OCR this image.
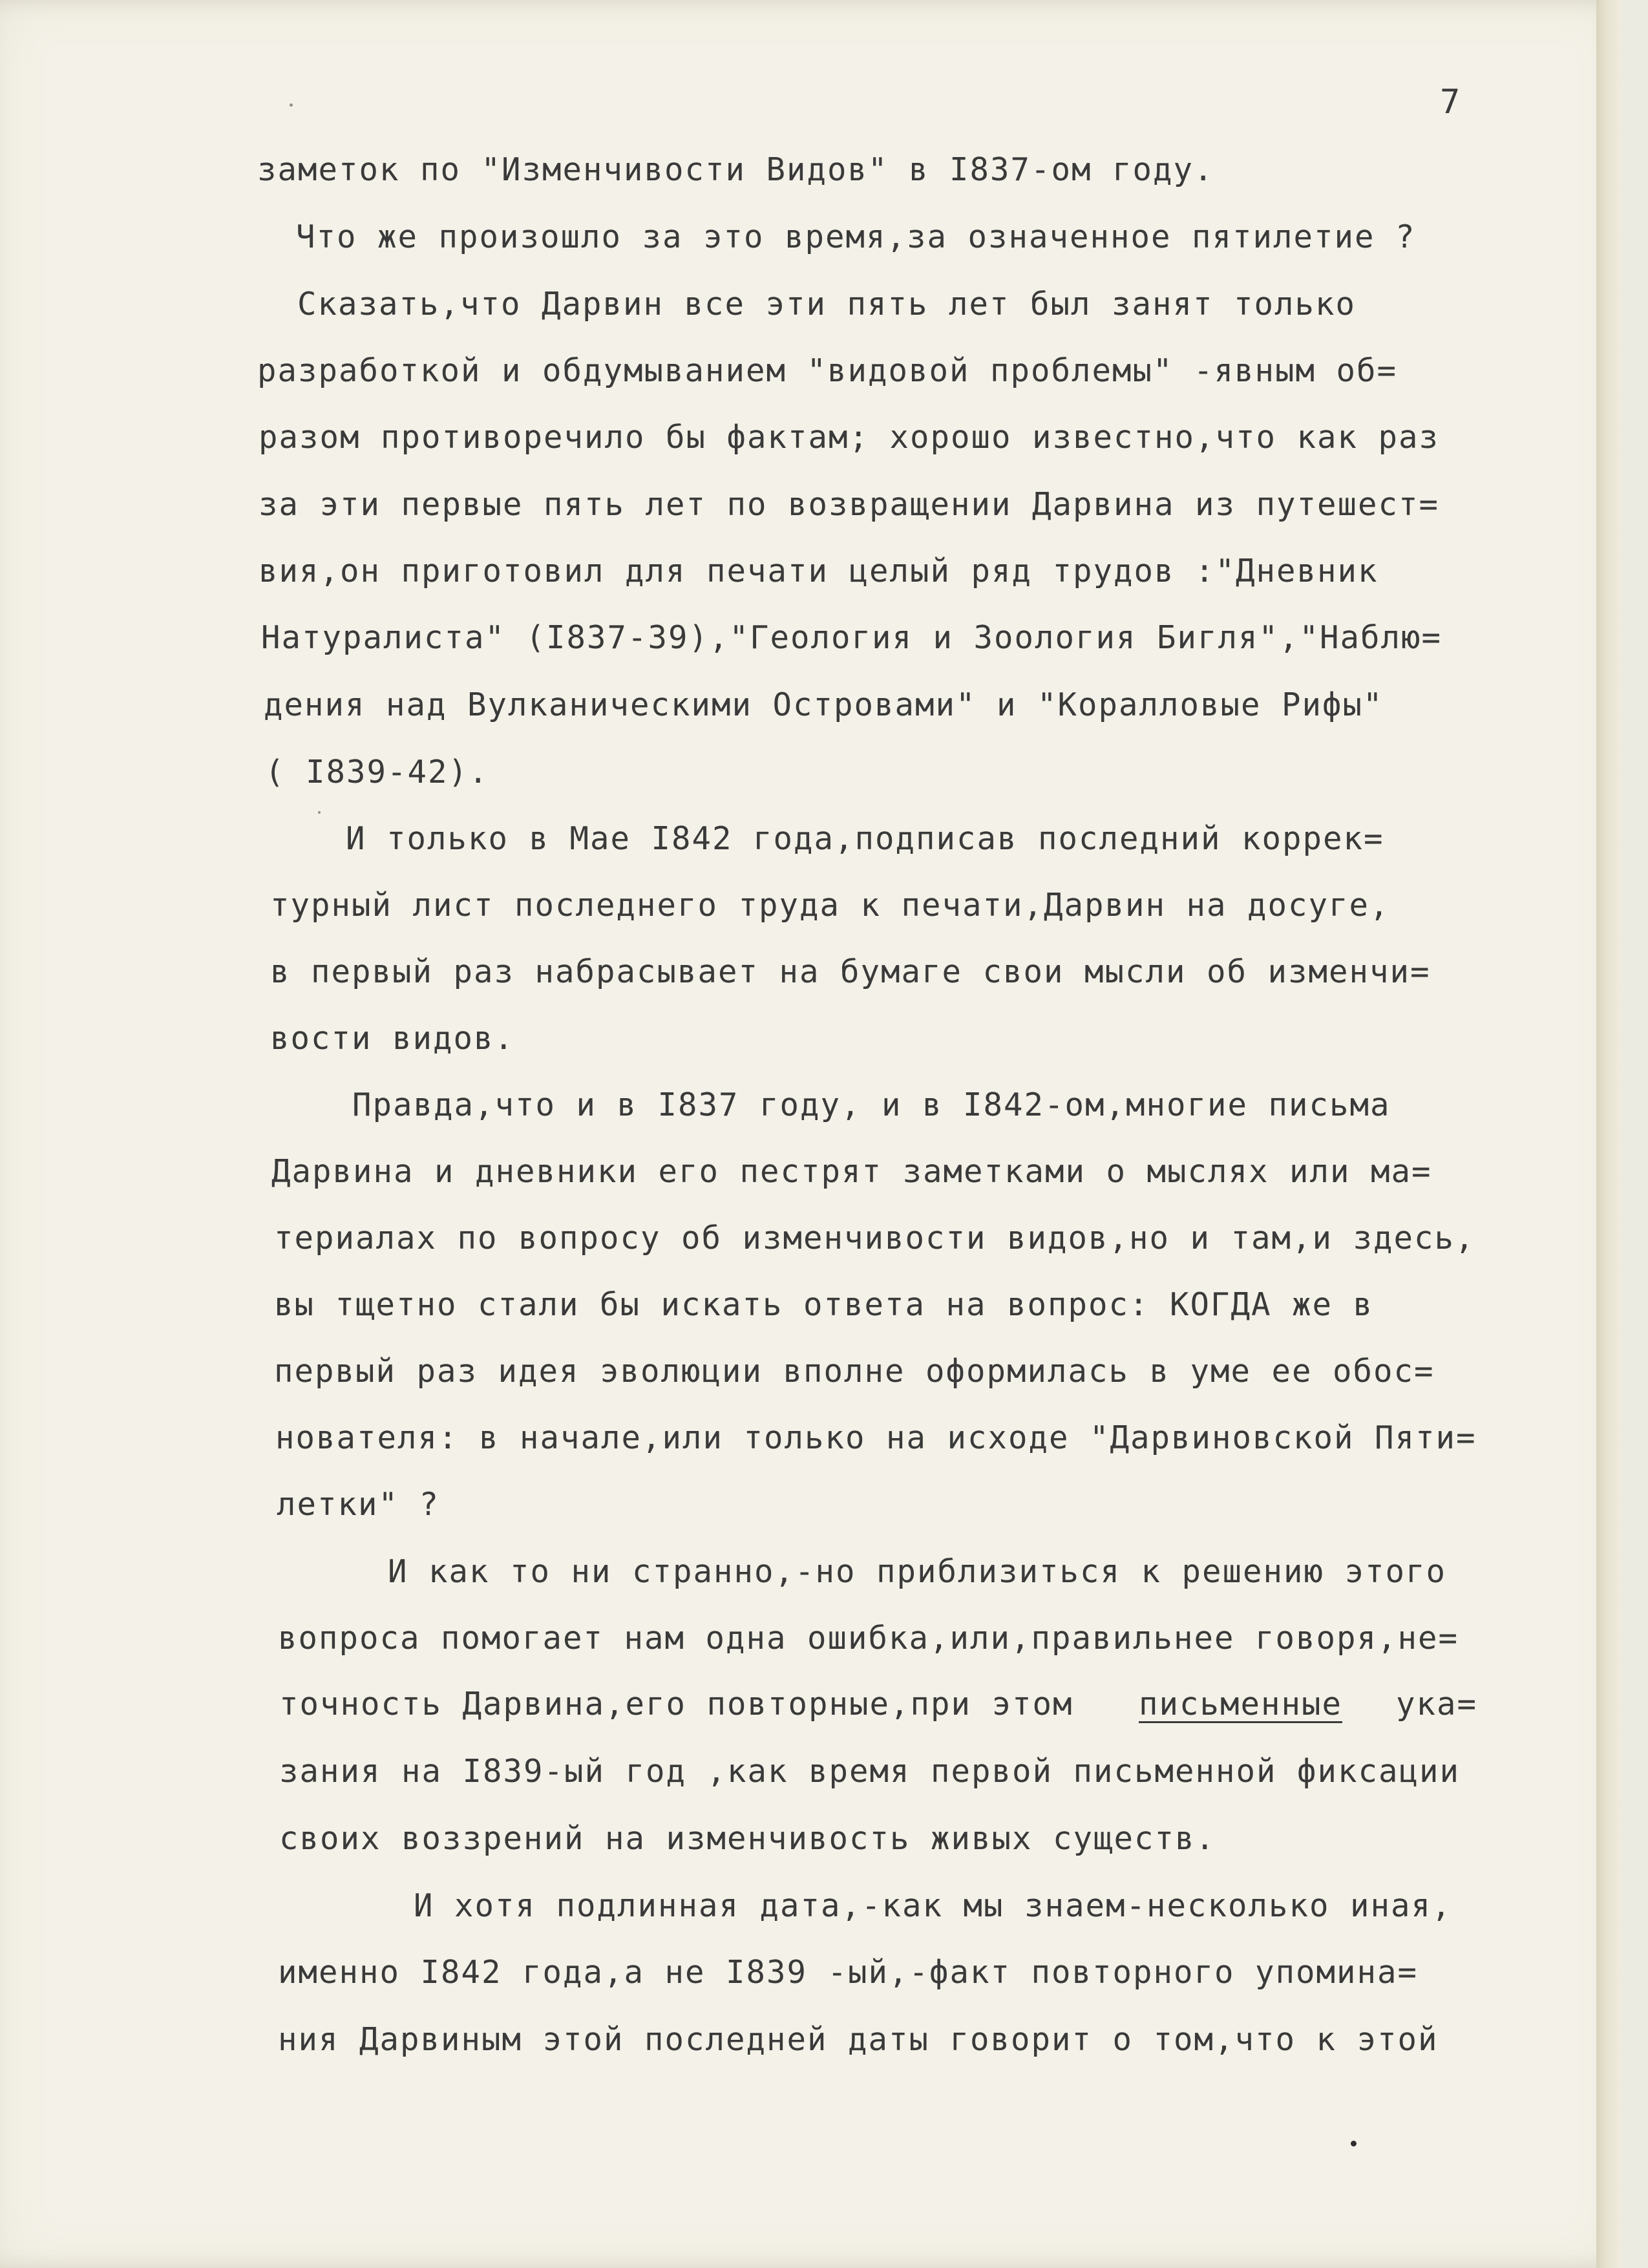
7
заметок по "Изменчивости Видов" в I837-ом году.
Что же произошло за это время,за означенное пятилетие ?
Сказать,что Дарвин все эти пять лет был занят только
разработкой и обдумыванием "видовой проблемы" -явным об=
разом противоречило бы фактам; хорошо известно,что как раз
за эти первые пять лет по возвращении Дарвина из путешест=
вия,он приготовил для печати целый ряд трудов :"Дневник
Натуралиста" (I837-39),"Геология и Зоология Бигля","Наблю=
дения над Вулканическими Островами" и "Коралловые Рифы"
( I839-42).
И только в Мае I842 года,подписав последний коррек=
турный лист последнего труда к печати,Дарвин на досуге,
в первый раз набрасывает на бумаге свои мысли об изменчи=
вости видов.
Правда,что и в I837 году, и в I842-ом,многие письма
Дарвина и дневники его пестрят заметками о мыслях или ма=
териалах по вопросу об изменчивости видов,но и там,и здесь,
вы тщетно стали бы искать ответа на вопрос: КОГДА же в
первый раз идея эволюции вполне оформилась в уме ее обос=
нователя: в начале,или только на исходе "Дарвиновской Пяти=
летки" ?
И как то ни странно,-но приблизиться к решению этого
вопроса помогает нам одна ошибка,или,правильнее говоря,не=
точность Дарвина,его повторные,при этом письменные ука=
зания на I839-ый год ,как время первой письменной фиксации
своих воззрений на изменчивость живых существ.
И хотя подлинная дата,-как мы знаем-несколько иная,
именно I842 года,а не I839 -ый,-факт повторного упомина=
ния Дарвиным этой последней даты говорит о том,что к этой
